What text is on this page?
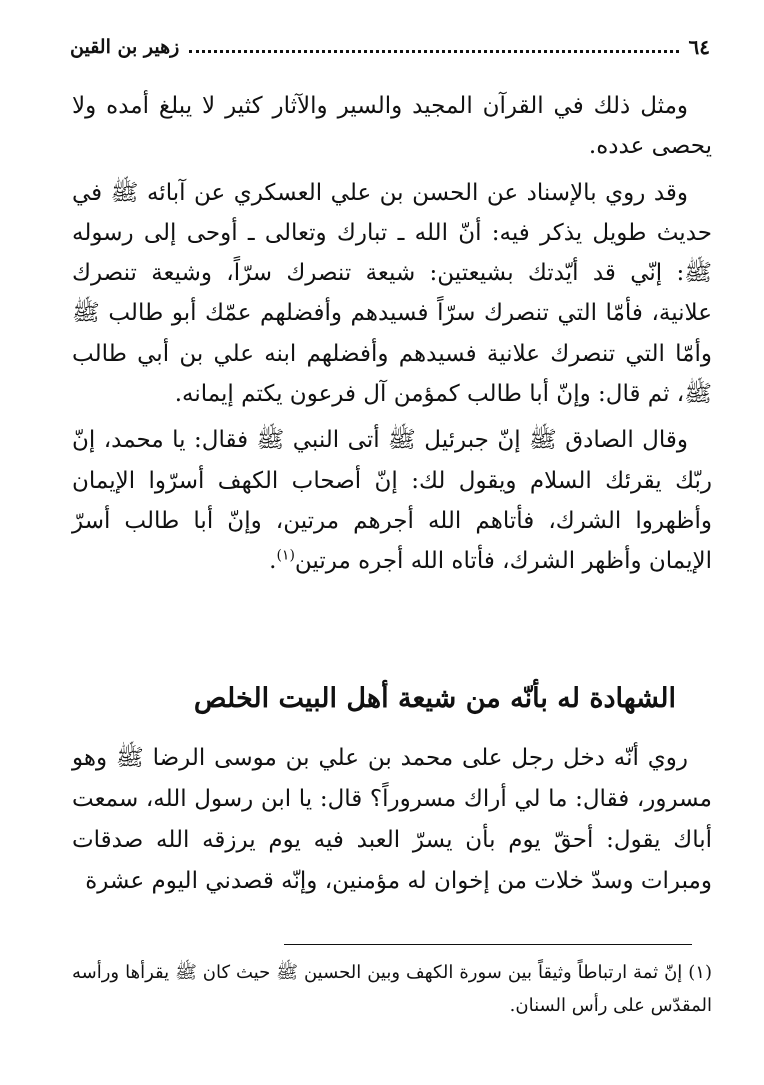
٦٤
زهير بن القين

ومثل ذلك في القرآن المجيد والسير والآثار كثير لا يبلغ أمده ولا يحصى عدده.

وقد روي بالإسناد عن الحسن بن علي العسكري عن آبائه ﷺ في حديث طويل يذكر فيه: أنّ الله ـ تبارك وتعالى ـ أوحى إلى رسوله ﷺ: إنّي قد أيّدتك بشيعتين: شيعة تنصرك سرّاً، وشيعة تنصرك علانية، فأمّا التي تنصرك سرّاً فسيدهم وأفضلهم عمّك أبو طالب ﷺ وأمّا التي تنصرك علانية فسيدهم وأفضلهم ابنه علي بن أبي طالب ﷺ، ثم قال: وإنّ أبا طالب كمؤمن آل فرعون يكتم إيمانه.

وقال الصادق ﷺ إنّ جبرئيل ﷺ أتى النبي ﷺ فقال: يا محمد، إنّ ربّك يقرئك السلام ويقول لك: إنّ أصحاب الكهف أسرّوا الإيمان وأظهروا الشرك، فأتاهم الله أجرهم مرتين، وإنّ أبا طالب أسرّ الإيمان وأظهر الشرك، فأتاه الله أجره مرتين$^{(١)}$.

الشهادة له بأنّه من شيعة أهل البيت الخلص

روي أنّه دخل رجل على محمد بن علي بن موسى الرضا ﷺ وهو مسرور، فقال: ما لي أراك مسروراً؟ قال: يا ابن رسول الله، سمعت أباك يقول: أحقّ يوم بأن يسرّ العبد فيه يوم يرزقه الله صدقات ومبرات وسدّ خلات من إخوان له مؤمنين، وإنّه قصدني اليوم عشرة

(١) إنّ ثمة ارتباطاً وثيقاً بين سورة الكهف وبين الحسين ﷺ حيث كان ﷺ يقرأها ورأسه المقدّس على رأس السنان.
